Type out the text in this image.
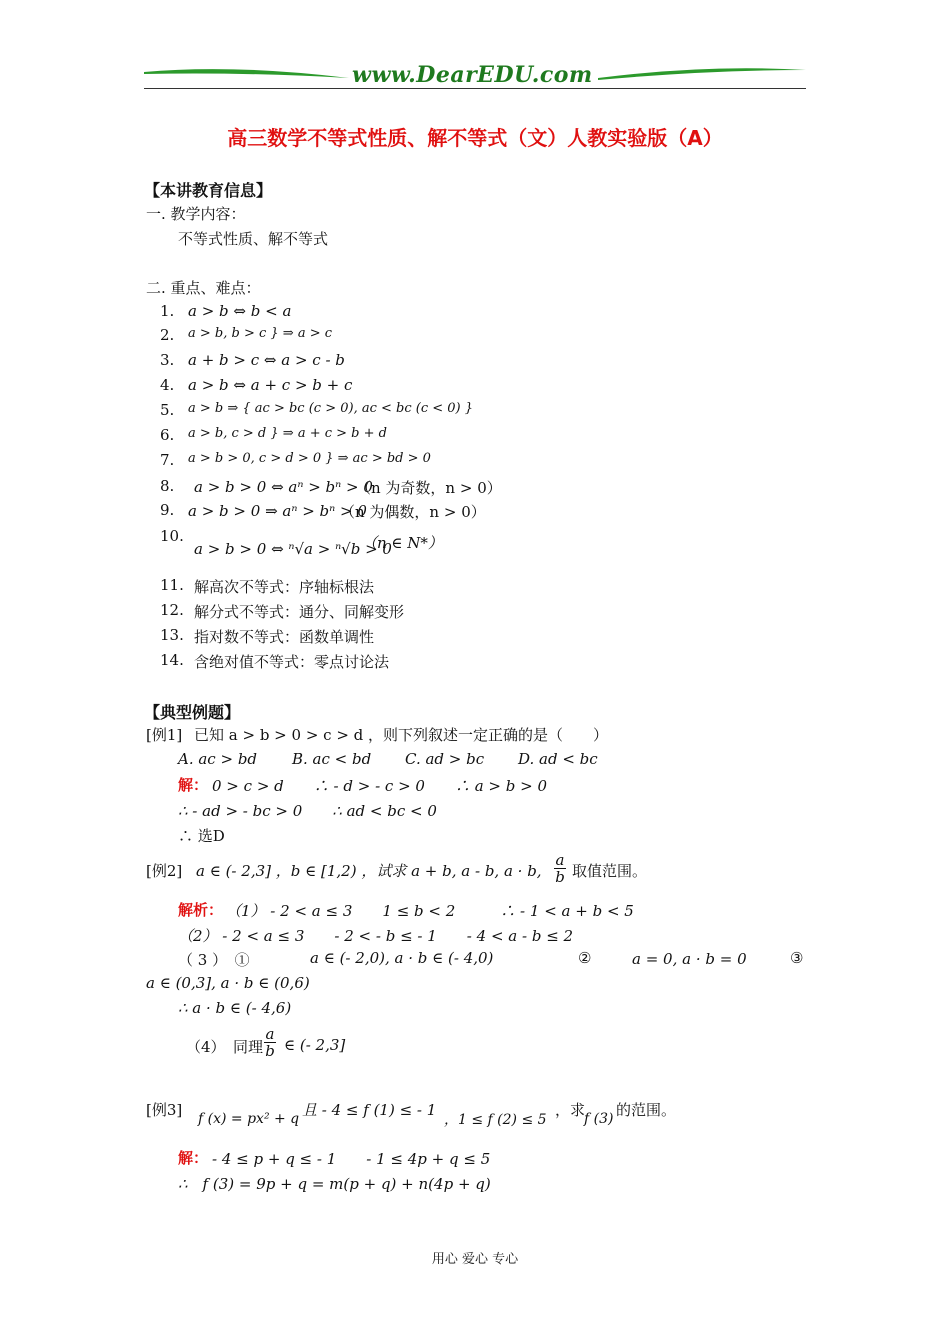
www.DearEDU.com
高三数学不等式性质、解不等式（文）人教实验版（A）
【本讲教育信息】
一. 教学内容：
不等式性质、解不等式
二. 重点、难点：
1. a > b ⇔ b < a
2. a > b, b > c } ⇒ a > c
3. a + b > c ⇔ a > c - b
4. a > b ⇔ a + c > b + c
5. a > b ⇒ { ac > bc (c > 0), ac < bc (c < 0) }
6. a > b, c > d } ⇒ a + c > b + d
7. a > b > 0, c > d > 0 } ⇒ ac > bd > 0
8. a > b > 0 ⇔ aⁿ > bⁿ > 0
（n 为奇数，n > 0）
9. a > b > 0 ⇒ aⁿ > bⁿ > 0
（n 为偶数，n > 0）
10.
a > b > 0 ⇔ ⁿ√a > ⁿ√b > 0
（n ∈ N*）
11. 解高次不等式：序轴标根法
12. 解分式不等式：通分、同解变形
13. 指对数不等式：函数单调性
14. 含绝对值不等式：零点讨论法
【典型例题】
[例1] 已知 a > b > 0 > c > d ，则下列叙述一定正确的是（　　）
A. ac > bd B. ac < bd C. ad > bc D. ad < bc
解： 0 > c > d　　∴ - d > - c > 0　　∴ a > b > 0
∴ - ad > - bc > 0　　∴ ad < bc < 0
∴ 选D
[例2] a ∈ (- 2,3] ，b ∈ [1,2) ，试求 a + b, a - b, a · b, $\frac{a}{b}$ 取值范围。
解析： （1） - 2 < a ≤ 3　　1 ≤ b < 2　　　∴ - 1 < a + b < 5
（2） - 2 < a ≤ 3　　- 2 < - b ≤ - 1　　- 4 < a - b ≤ 2
（ 3 ）　①	a ∈ (- 2,0), a · b ∈ (- 4,0)	②	a = 0, a · b = 0	③
a ∈ (0,3], a · b ∈ (0,6)
∴ a · b ∈ (- 4,6)
（4）　同理 $\frac{a}{b}$ ∈ (- 2,3]
[例3] f (x) = px² + q 且 - 4 ≤ f (1) ≤ - 1
，1 ≤ f (2) ≤ 5
，求
f (3) 的范围。
解： - 4 ≤ p + q ≤ - 1　　- 1 ≤ 4p + q ≤ 5
∴　f (3) = 9p + q = m(p + q) + n(4p + q)
用心 爱心 专心
